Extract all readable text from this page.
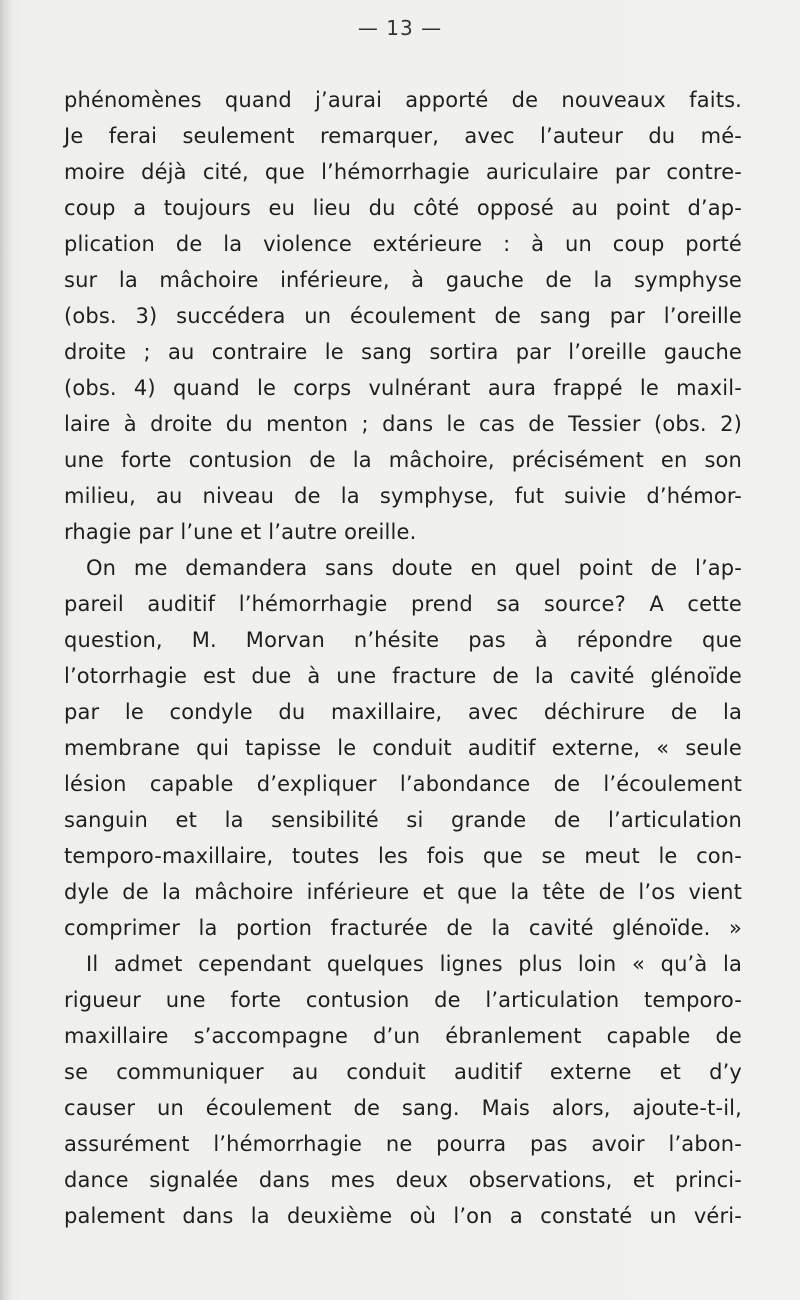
— 13 —
phénomènes quand j’aurai apporté de nouveaux faits.
Je ferai seulement remarquer, avec l’auteur du mé-
moire déjà cité, que l’hémorrhagie auriculaire par contre-
coup a toujours eu lieu du côté opposé au point d’ap-
plication de la violence extérieure : à un coup porté
sur la mâchoire inférieure, à gauche de la symphyse
(obs. 3) succédera un écoulement de sang par l’oreille
droite ; au contraire le sang sortira par l’oreille gauche
(obs. 4) quand le corps vulnérant aura frappé le maxil-
laire à droite du menton ; dans le cas de Tessier (obs. 2)
une forte contusion de la mâchoire, précisément en son
milieu, au niveau de la symphyse, fut suivie d’hémor-
rhagie par l’une et l’autre oreille.
On me demandera sans doute en quel point de l’ap-
pareil auditif l’hémorrhagie prend sa source? A cette
question, M. Morvan n’hésite pas à répondre que
l’otorrhagie est due à une fracture de la cavité glénoïde
par le condyle du maxillaire, avec déchirure de la
membrane qui tapisse le conduit auditif externe, « seule
lésion capable d’expliquer l’abondance de l’écoulement
sanguin et la sensibilité si grande de l’articulation
temporo-maxillaire, toutes les fois que se meut le con-
dyle de la mâchoire inférieure et que la tête de l’os vient
comprimer la portion fracturée de la cavité glénoïde. »
Il admet cependant quelques lignes plus loin « qu’à la
rigueur une forte contusion de l’articulation temporo-
maxillaire s’accompagne d’un ébranlement capable de
se communiquer au conduit auditif externe et d’y
causer un écoulement de sang. Mais alors, ajoute-t-il,
assurément l’hémorrhagie ne pourra pas avoir l’abon-
dance signalée dans mes deux observations, et princi-
palement dans la deuxième où l’on a constaté un véri-
